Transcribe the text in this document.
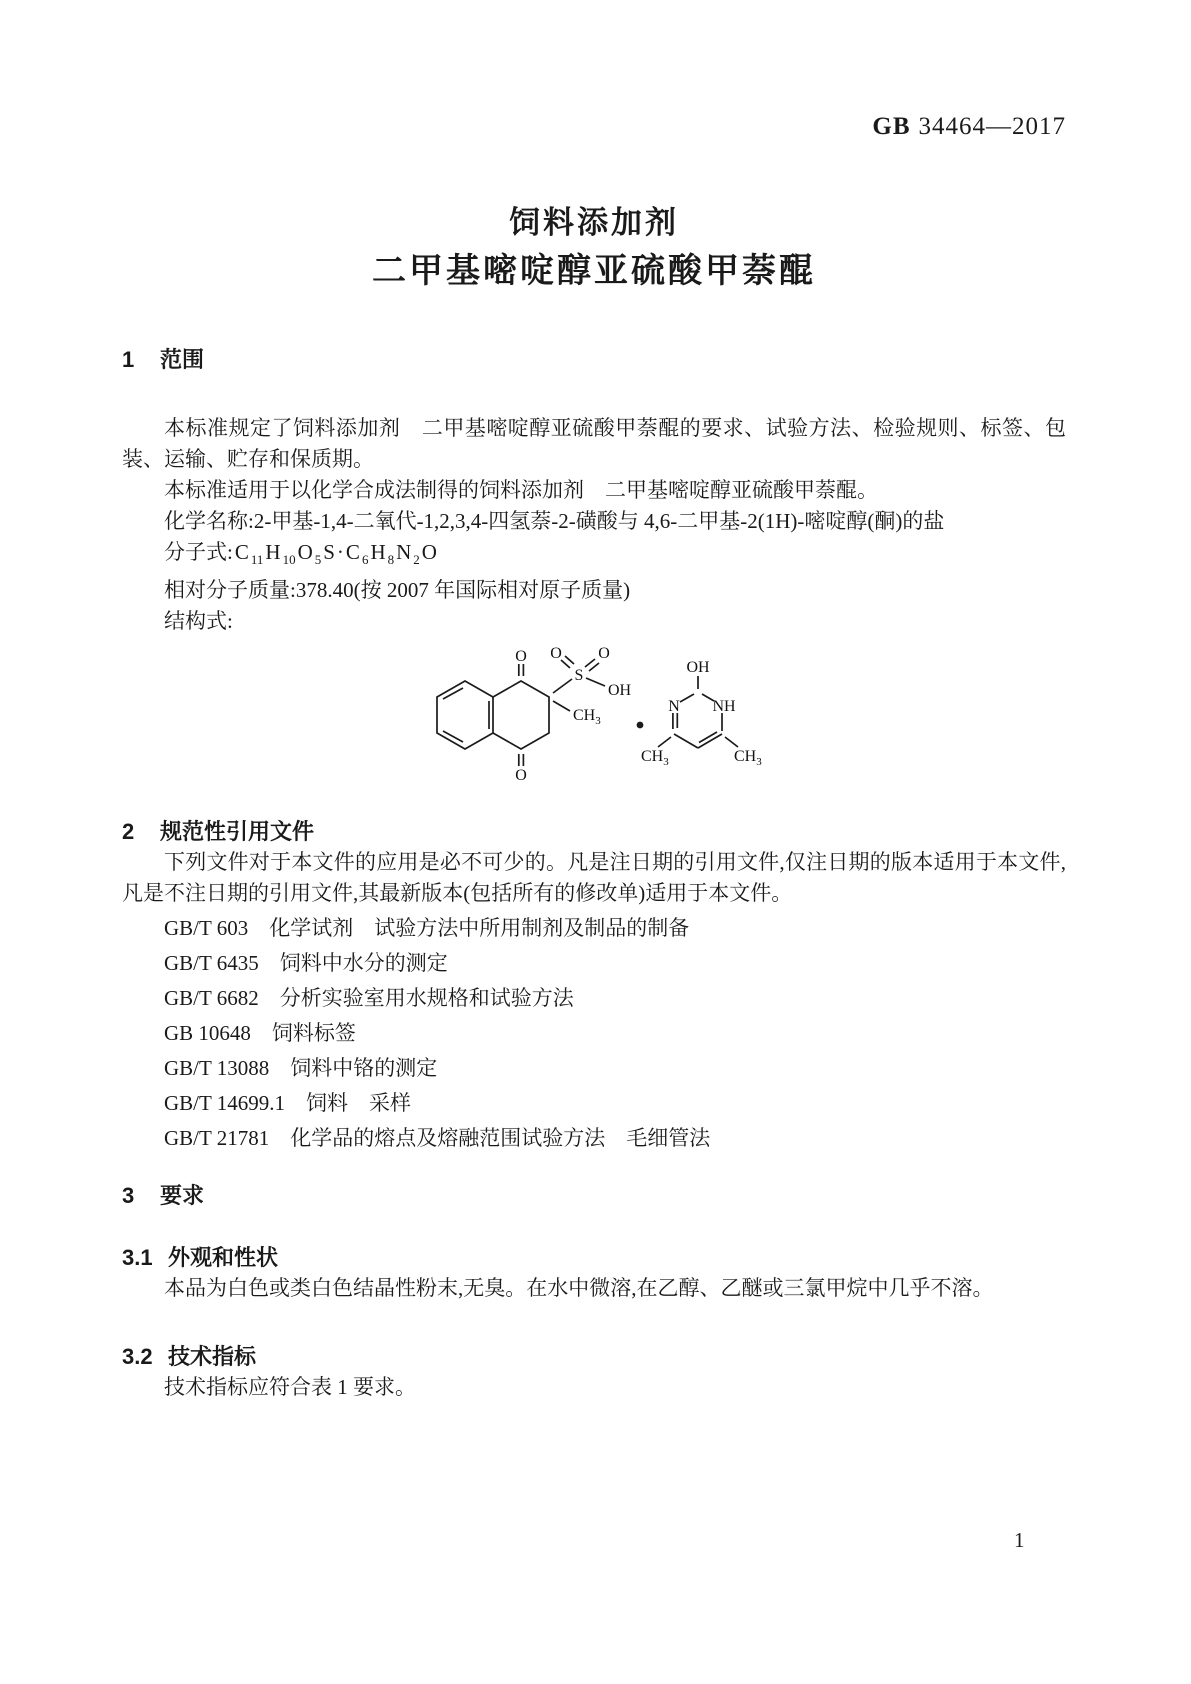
GB 34464—2017
饲料添加剂
二甲基嘧啶醇亚硫酸甲萘醌
1 范围

本标准规定了饲料添加剂　二甲基嘧啶醇亚硫酸甲萘醌的要求、试验方法、检验规则、标签、包装、运输、贮存和保质期。

本标准适用于以化学合成法制得的饲料添加剂　二甲基嘧啶醇亚硫酸甲萘醌。

化学名称:2-甲基-1,4-二氧代-1,2,3,4-四氢萘-2-磺酸与 4,6-二甲基-2(1H)-嘧啶醇(酮)的盐

分子式:C $_{11}$H $_{10}$O $_5$S·C $_6$H $_8$N $_2$O

相对分子质量:378.40(按 2007 年国际相对原子质量)

结构式:

O
O
O O
S
OH
$CH_3$
OH
N NH
$CH_3$	$CH_3$
2 规范性引用文件

下列文件对于本文件的应用是必不可少的。凡是注日期的引用文件,仅注日期的版本适用于本文件,凡是不注日期的引用文件,其最新版本(包括所有的修改单)适用于本文件。

GB/T 603　化学试剂　试验方法中所用制剂及制品的制备

GB/T 6435　饲料中水分的测定

GB/T 6682　分析实验室用水规格和试验方法

GB 10648　饲料标签

GB/T 13088　饲料中铬的测定

GB/T 14699.1　饲料　采样

GB/T 21781　化学品的熔点及熔融范围试验方法　毛细管法

3 要求
3.1 外观和性状

本品为白色或类白色结晶性粉末,无臭。在水中微溶,在乙醇、乙醚或三氯甲烷中几乎不溶。

3.2 技术指标

技术指标应符合表 1 要求。

1
